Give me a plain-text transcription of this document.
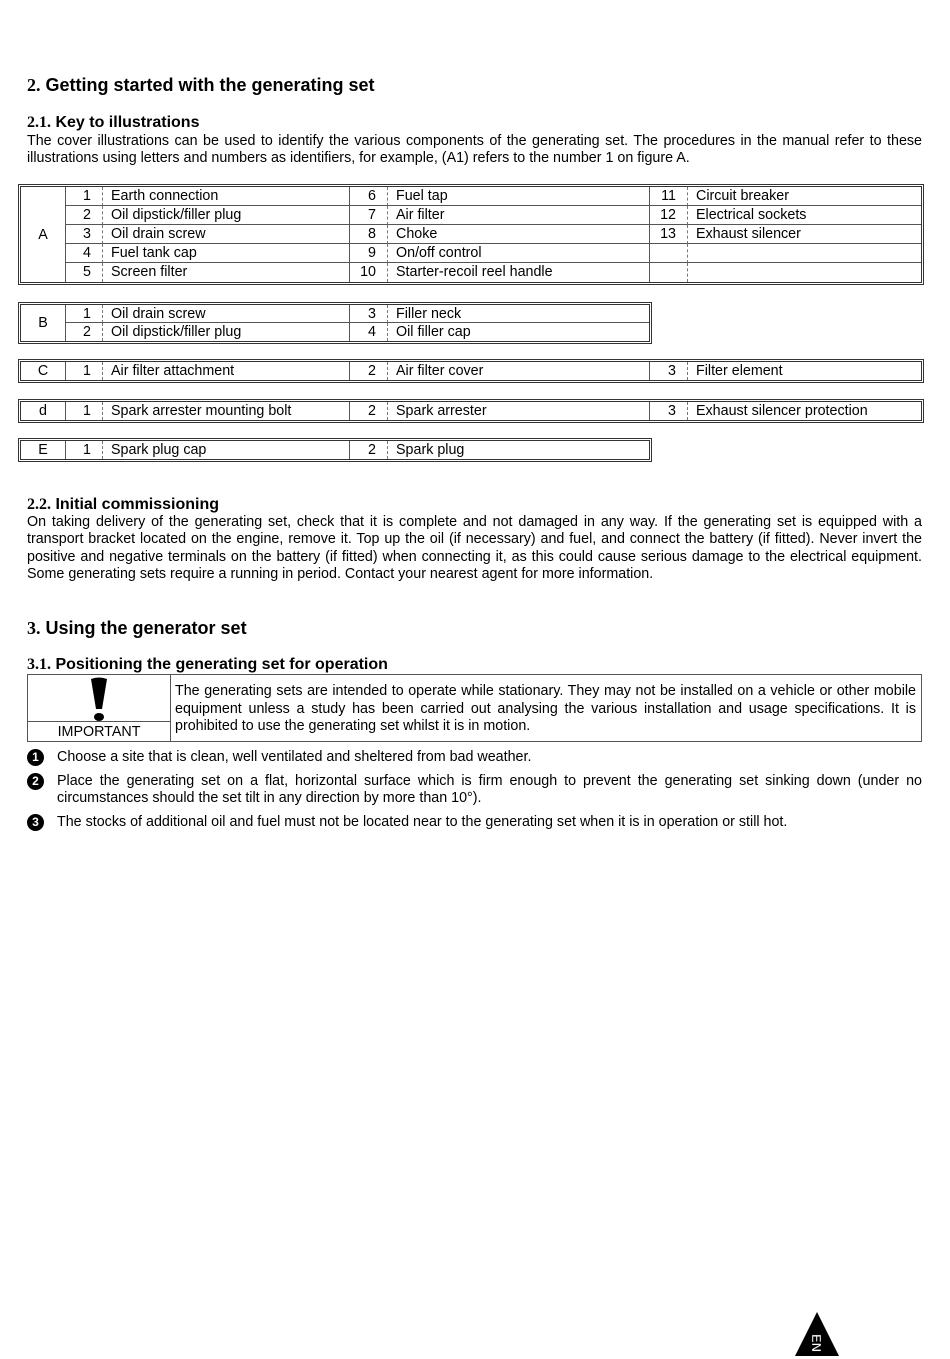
2. Getting started with the generating set
2.1. Key to illustrations
The cover illustrations can be used to identify the various components of the generating set. The procedures in the manual refer to these illustrations using letters and numbers as identifiers, for example, (A1) refers to the number 1 on figure A.
A
1	Earth connection	6	Fuel tap	11	Circuit breaker
2	Oil dipstick/filler plug	7	Air filter	12	Electrical sockets
3	Oil drain screw	8	Choke	13	Exhaust silencer
4	Fuel tank cap	9	On/off control
5	Screen filter	10	Starter-recoil reel handle
B
1	Oil drain screw	3	Filler neck
2	Oil dipstick/filler plug	4	Oil filler cap
C	1	Air filter attachment	2	Air filter cover	3	Filter element
d	1	Spark arrester mounting bolt	2	Spark arrester	3	Exhaust silencer protection
E	1	Spark plug cap	2	Spark plug
2.2. Initial commissioning
On taking delivery of the generating set, check that it is complete and not damaged in any way. If the generating set is equipped with a transport bracket located on the engine, remove it. Top up the oil (if necessary) and fuel, and connect the battery (if fitted). Never invert the positive and negative terminals on the battery (if fitted) when connecting it, as this could cause serious damage to the electrical equipment. Some generating sets require a running in period. Contact your nearest agent for more information.
3. Using the generator set
3.1. Positioning the generating set for operation
IMPORTANT
The generating sets are intended to operate while stationary. They may not be installed on a vehicle or other mobile equipment unless a study has been carried out analysing the various installation and usage specifications. It is prohibited to use the generating set whilst it is in motion.
1	Choose a site that is clean, well ventilated and sheltered from bad weather.
2	Place the generating set on a flat, horizontal surface which is firm enough to prevent the generating set sinking down (under no circumstances should the set tilt in any direction by more than 10°).
3	The stocks of additional oil and fuel must not be located near to the generating set when it is in operation or still hot.
EN
